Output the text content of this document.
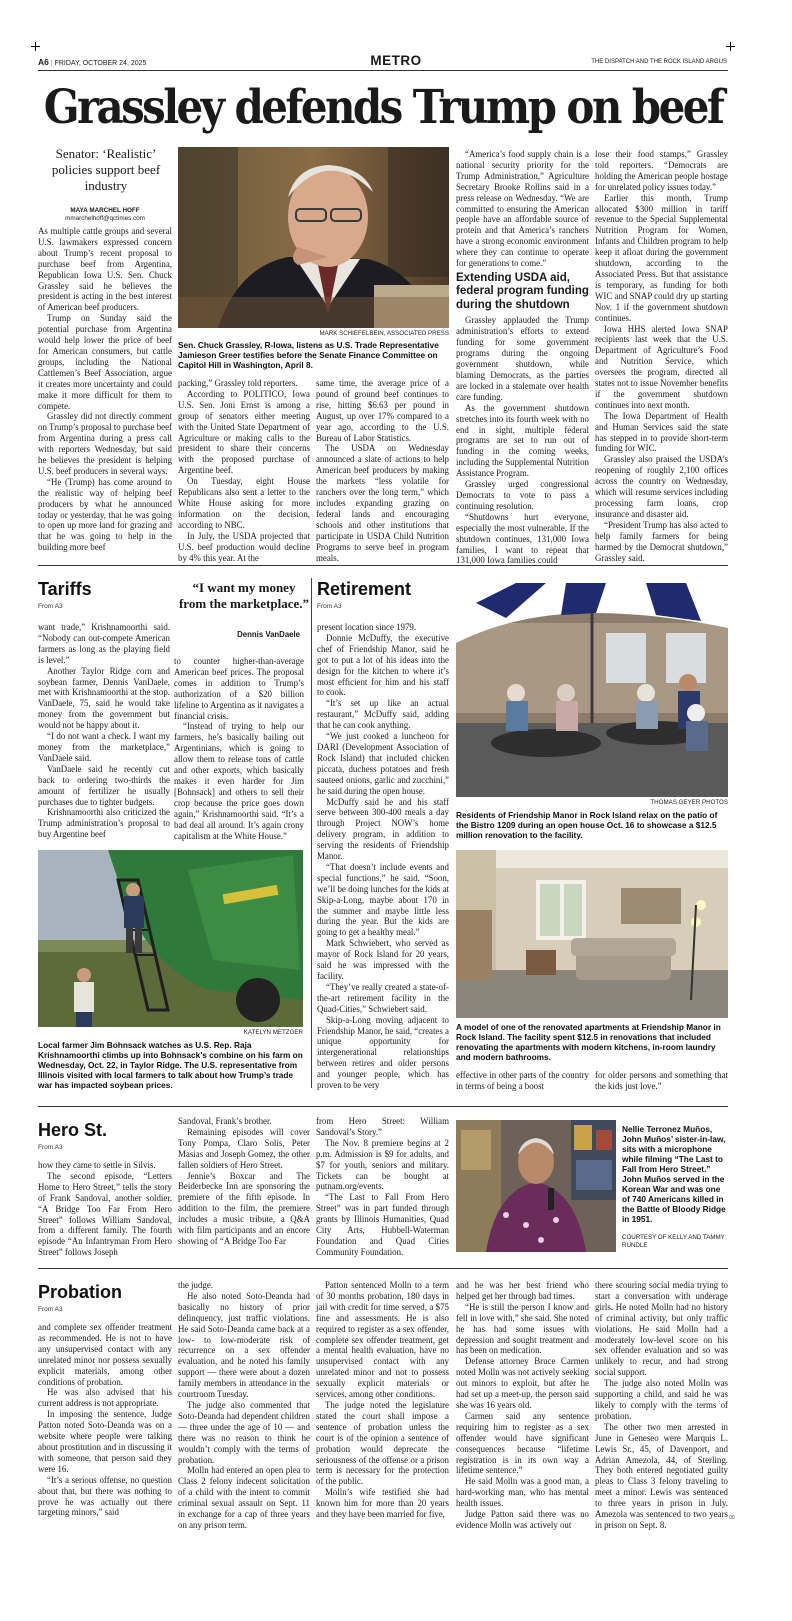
A6 | FRIDAY, OCTOBER 24, 2025	METRO	THE DISPATCH AND THE ROCK ISLAND ARGUS
Grassley defends Trump on beef
Senator: ‘Realistic’ policies support beef industry
MAYA MARCHEL HOFF
mmarchelhoff@qctimes.com
MARK SCHIEFELBEIN, ASSOCIATED PRESS
Sen. Chuck Grassley, R-Iowa, listens as U.S. Trade Representative Jamieson Greer testifies before the Senate Finance Committee on Capitol Hill in Washington, April 8.

As multiple cattle groups and several U.S. lawmakers expressed concern about Trump’s recent proposal to purchase beef from Argentina, Republican Iowa U.S. Sen. Chuck Grassley said he believes the president is acting in the best interest of American beef producers.

Trump on Sunday said the potential purchase from Argentina would help lower the price of beef for American consumers, but cattle groups, including the National Cattlemen’s Beef Association, argue it creates more uncertainty and could make it more difficult for them to compete.

Grassley did not directly comment on Trump’s proposal to purchase beef from Argentina during a press call with reporters Wednesday, but said he believes the president is helping U.S. beef producers in several ways.

“He (Trump) has come around to the realistic way of helping beef producers by what he announced today or yesterday, that he was going to open up more land for grazing and that he was going to help in the building more beef

packing,” Grassley told reporters.

According to POLITICO, Iowa U.S. Sen. Joni Ernst is among a group of senators either meeting with the United State Department of Agriculture or making calls to the president to share their concerns with the proposed purchase of Argentine beef.

On Tuesday, eight House Republicans also sent a letter to the White House asking for more information on the decision, according to NBC.

In July, the USDA projected that U.S. beef production would decline by 4% this year. At the

same time, the average price of a pound of ground beef continues to rise, hitting $6.63 per pound in August, up over 17% compared to a year ago, according to the U.S. Bureau of Labor Statistics.

The USDA on Wednesday announced a slate of actions to help American beef producers by making the markets “less volatile for ranchers over the long term,” which includes expanding grazing on federal lands and encouraging schools and other institutions that participate in USDA Child Nutrition Programs to serve beef in program meals.

“America’s food supply chain is a national security priority for the Trump Administration,” Agriculture Secretary Brooke Rollins said in a press release on Wednesday. “We are committed to ensuring the American people have an affordable source of protein and that America’s ranchers have a strong economic environment where they can continue to operate for generations to come.”

Extending USDA aid, federal program funding during the shutdown

Grassley applauded the Trump administration’s efforts to extend funding for some government programs during the ongoing government shutdown, while blaming Democrats, as the parties are locked in a stalemate over health care funding.

As the government shutdown stretches into its fourth week with no end in sight, multiple federal programs are set to run out of funding in the coming weeks, including the Supplemental Nutrition Assistance Program.

Grassley urged congressional Democrats to vote to pass a continuing resolution.

“Shutdowns hurt everyone, especially the most vulnerable. If the shutdown continues, 131,000 Iowa families, I want to repeat that 131,000 Iowa families could

lose their food stamps,” Grassley told reporters. “Democrats are holding the American people hostage for unrelated policy issues today.”

Earlier this month, Trump allocated $300 million in tariff revenue to the Special Supplemental Nutrition Program for Women, Infants and Children program to help keep it afloat during the government shutdown, according to the Associated Press. But that assistance is temporary, as funding for both WIC and SNAP could dry up starting Nov. 1 if the government shutdown continues.

Iowa HHS alerted Iowa SNAP recipients last week that the U.S. Department of Agriculture’s Food and Nutrition Service, which oversees the program, directed all states not to issue November benefits if the government shutdown continues into next month.

The Iowa Department of Health and Human Services said the state has stepped in to provide short-term funding for WIC.

Grassley also praised the USDA’s reopening of roughly 2,100 offices across the country on Wednesday, which will resume services including processing farm loans, crop insurance and disaster aid.

“President Trump has also acted to help family farmers for being harmed by the Democrat shutdown,” Grassley said.

Tariffs
From A3
“I want my money from the marketplace.”
Dennis VanDaele

want trade,” Krishnamoorthi said. “Nobody can out-compete American farmers as long as the playing field is level.”

Another Taylor Ridge corn and soybean farmer, Dennis VanDaele, met with Krishnamoorthi at the stop. VanDaele, 75, said he would take money from the government but would not be happy about it.

“I do not want a check. I want my money from the marketplace,” VanDaele said.

VanDaele said he recently cut back to ordering two-thirds the amount of fertilizer he usually purchases due to tighter budgets.

Krishnamoorthi also criticized the Trump administration’s proposal to buy Argentine beef

to counter higher-than-average American beef prices. The proposal comes in addition to Trump’s authorization of a $20 billion lifeline to Argentina as it navigates a financial crisis.

“Instead of trying to help our farmers, he’s basically bailing out Argentinians, which is going to allow them to release tons of cattle and other exports, which basically makes it even harder for Jim [Bohnsack] and others to sell their crop because the price goes down again,” Krishnamoorthi said. “It’s a bad deal all around. It’s again crony capitalism at the White House.”

KATELYN METZGER
Local farmer Jim Bohnsack watches as U.S. Rep. Raja Krishnamoorthi climbs up into Bohnsack’s combine on his farm on Wednesday, Oct. 22, in Taylor Ridge. The U.S. representative from Illinois visited with local farmers to talk about how Trump’s trade war has impacted soybean prices.
Retirement
From A3

present location since 1979.

Donnie McDuffy, the executive chef of Friendship Manor, said he got to put a lot of his ideas into the design for the kitchen to where it’s most efficient for him and his staff to cook.

“It’s set up like an actual restaurant,” McDuffy said, adding that he can cook anything.

“We just cooked a luncheon for DARI (Development Association of Rock Island) that included chicken piccata, duchess potatoes and fresh sauteed onions, garlic and zucchini,” he said during the open house.

McDuffy said he and his staff serve between 300-400 meals a day through Project NOW’s home delivery program, in addition to serving the residents of Friendship Manor.

“That doesn’t include events and special functions,” he said. “Soon, we’ll be doing lunches for the kids at Skip-a-Long, maybe about 170 in the summer and maybe little less during the year. But the kids are going to get a healthy meal.”

Mark Schwiebert, who served as mayor of Rock Island for 20 years, said he was impressed with the facility.

“They’ve really created a state-of-the-art retirement facility in the Quad-Cities,” Schwiebert said.

Skip-a-Long moving adjacent to Friendship Manor, he said, “creates a unique opportunity for intergenerational relationships between retires and older persons and younger people, which has proven to be very

THOMAS GEYER PHOTOS
Residents of Friendship Manor in Rock Island relax on the patio of the Bistro 1209 during an open house Oct. 16 to showcase a $12.5 million renovation to the facility.
A model of one of the renovated apartments at Friendship Manor in Rock Island. The facility spent $12.5 in renovations that included renovating the apartments with modern kitchens, in-room laundry and modern bathrooms.

effective in other parts of the country in terms of being a boost

for older persons and something that the kids just love.”

Hero St.
From A3

how they came to settle in Silvis.

The second episode, “Letters Home to Hero Street,” tells the story of Frank Sandoval, another soldier. “A Bridge Too Far From Hero Street” follows William Sandoval, from a different family. The fourth episode “An Infantryman From Hero Street” follows Joseph

Sandoval, Frank’s brother.

Remaining episodes will cover Tony Pompa, Claro Solis, Peter Masias and Joseph Gomez, the other fallen soldiers of Hero Street.

Jennie’s Boxcar and The Beiderbecke Inn are sponsoring the premiere of the fifth episode. In addition to the film, the premiere includes a music tribute, a Q&A with film participants and an encore showing of “A Bridge Too Far

from Hero Street: William Sandoval’s Story.”

The Nov. 8 premiere begins at 2 p.m. Admission is $9 for adults, and $7 for youth, seniors and military. Tickets can be bought at putnam.org/events.

“The Last to Fall From Hero Street” was in part funded through grants by Illinois Humanities, Quad City Arts, Hubbell-Waterman Foundation and Quad Cities Community Foundation.

Nellie Terronez Muños, John Muños’ sister-in-law, sits with a microphone while filming “The Last to Fall from Hero Street.” John Muños served in the Korean War and was one of 740 Americans killed in the Battle of Bloody Ridge in 1951.
COURTESY OF KELLY AND TAMMY RUNDLE
Probation
From A3

and complete sex offender treatment as recommended. He is not to have any unsupervised contact with any unrelated minor nor possess sexually explicit materials, among other conditions of probation.

He was also advised that his current address is not appropriate.

In imposing the sentence, Judge Patton noted Soto-Deanda was on a website where people were talking about prostitution and in discussing it with someone, that person said they were 16.

“It’s a serious offense, no question about that, but there was nothing to prove he was actually out there targeting minors,” said

the judge.

He also noted Soto-Deanda had basically no history of prior delinquency, just traffic violations. He said Soto-Deanda came back at a low- to low-moderate risk of recurrence on a sex offender evaluation, and he noted his family support — there were about a dozen family members in attendance in the courtroom Tuesday.

The judge also commented that Soto-Deanda had dependent children — three under the age of 10 — and there was no reason to think he wouldn’t comply with the terms of probation.

Molln had entered an open plea to Class 2 felony indecent solicitation of a child with the intent to commit criminal sexual assault on Sept. 11 in exchange for a cap of three years on any prison term.

Patton sentenced Molln to a term of 30 months probation, 180 days in jail with credit for time served, a $75 fine and assessments. He is also required to register as a sex offender, complete sex offender treatment, get a mental health evaluation, have no unsupervised contact with any unrelated minor and not to possess sexually explicit materials or services, among other conditions.

The judge noted the legislature stated the court shall impose a sentence of probation unless the court is of the opinion a sentence of probation would deprecate the seriousness of the offense or a prison term is necessary for the protection of the public.

Molln’s wife testified she had known him for more than 20 years and they have been married for five,

and he was her best friend who helped get her through bad times.

“He is still the person I know and fell in love with,” she said. She noted he has had some issues with depression and sought treatment and has been on medication.

Defense attorney Bruce Carmen noted Molln was not actively seeking out minors to exploit, but after he had set up a meet-up, the person said she was 16 years old.

Carmen said any sentence requiring him to register as a sex offender would have significant consequences because “lifetime registration is in its own way a lifetime sentence.”

He said Molln was a good man, a hard-working man, who has mental health issues.

Judge Patton said there was no evidence Molln was actively out

there scouring social media trying to start a conversation with underage girls. He noted Molln had no history of criminal activity, but only traffic violations. He said Molln had a moderately low-level score on his sex offender evaluation and so was unlikely to recur, and had strong social support.

The judge also noted Molln was supporting a child, and said he was likely to comply with the terms of probation.

The other two men arrested in June in Geneseo were Marquis L. Lewis Sr., 45, of Davenport, and Adrian Amezola, 44, of Sterling. They both entered negotiated guilty pleas to Class 3 felony traveling to meet a minor. Lewis was sentenced to three years in prison in July. Amezola was sentenced to two years in prison on Sept. 8.

00
